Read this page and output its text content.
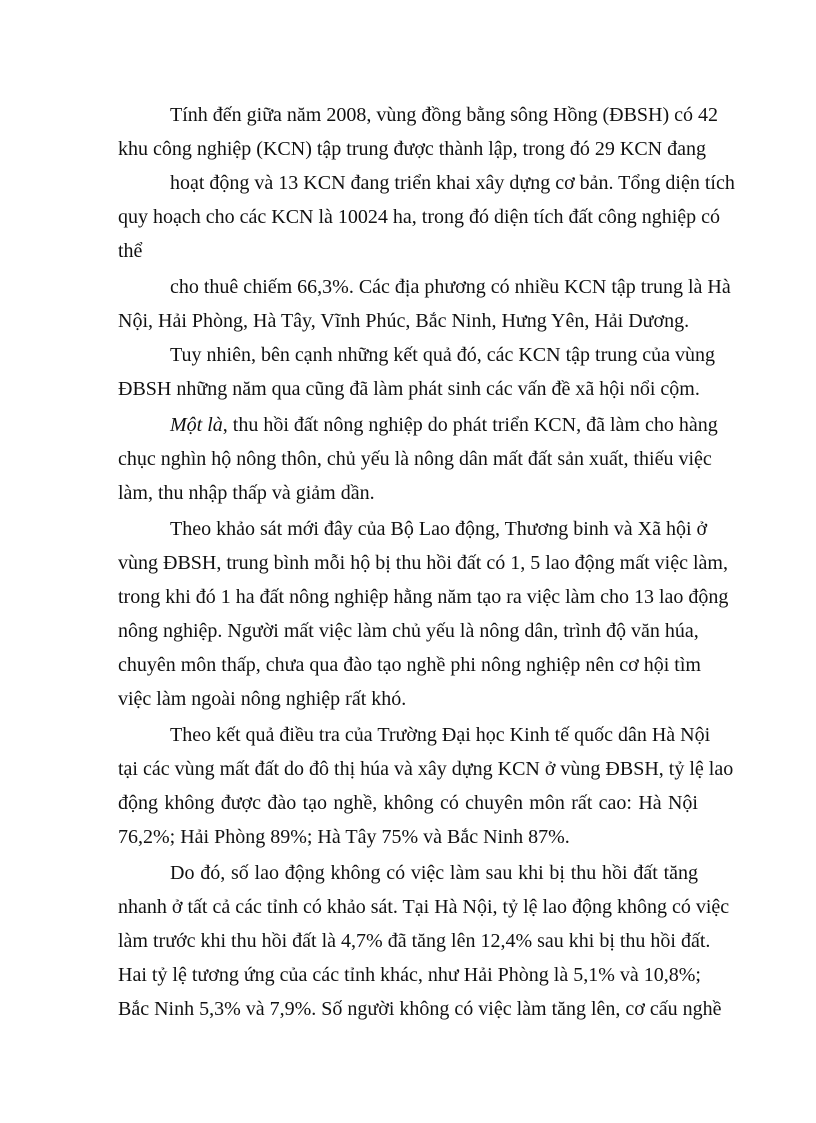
Tính đến giữa năm 2008, vùng đồng bằng sông Hồng (ĐBSH) có 42
khu công nghiệp (KCN) tập trung được thành lập, trong đó 29 KCN đang
hoạt động và 13 KCN đang triển khai xây dựng cơ bản. Tổng diện tích
quy hoạch cho các KCN là 10024 ha, trong đó diện tích đất công nghiệp có
thể
cho thuê chiếm 66,3%. Các địa phương có nhiều KCN tập trung là Hà
Nội, Hải Phòng, Hà Tây, Vĩnh Phúc, Bắc Ninh, Hưng Yên, Hải Dương.
Tuy nhiên, bên cạnh những kết quả đó, các KCN tập trung của vùng
ĐBSH những năm qua cũng đã làm phát sinh các vấn đề xã hội nổi cộm.
Một là, thu hồi đất nông nghiệp do phát triển KCN, đã làm cho hàng
chục nghìn hộ nông thôn, chủ yếu là nông dân mất đất sản xuất, thiếu việc
làm, thu nhập thấp và giảm dần.
Theo khảo sát mới đây của Bộ Lao động, Thương binh và Xã hội ở
vùng ĐBSH, trung bình mỗi hộ bị thu hồi đất có 1, 5 lao động mất việc làm,
trong khi đó 1 ha đất nông nghiệp hằng năm tạo ra việc làm cho 13 lao động
nông nghiệp. Người mất việc làm chủ yếu là nông dân, trình độ văn húa,
chuyên môn thấp, chưa qua đào tạo nghề phi nông nghiệp nên cơ hội tìm
việc làm ngoài nông nghiệp rất khó.
Theo kết quả điều tra của Trường Đại học Kinh tế quốc dân Hà Nội
tại các vùng mất đất do đô thị húa và xây dựng KCN ở vùng ĐBSH, tỷ lệ lao
động không được đào tạo nghề, không có chuyên môn rất cao: Hà Nội
76,2%; Hải Phòng 89%; Hà Tây 75% và Bắc Ninh 87%.
Do đó, số lao động không có việc làm sau khi bị thu hồi đất tăng
nhanh ở tất cả các tỉnh có khảo sát. Tại Hà Nội, tỷ lệ lao động không có việc
làm trước khi thu hồi đất là 4,7% đã tăng lên 12,4% sau khi bị thu hồi đất.
Hai tỷ lệ tương ứng của các tỉnh khác, như Hải Phòng là 5,1% và 10,8%;
Bắc Ninh 5,3% và 7,9%. Số người không có việc làm tăng lên, cơ cấu nghề
